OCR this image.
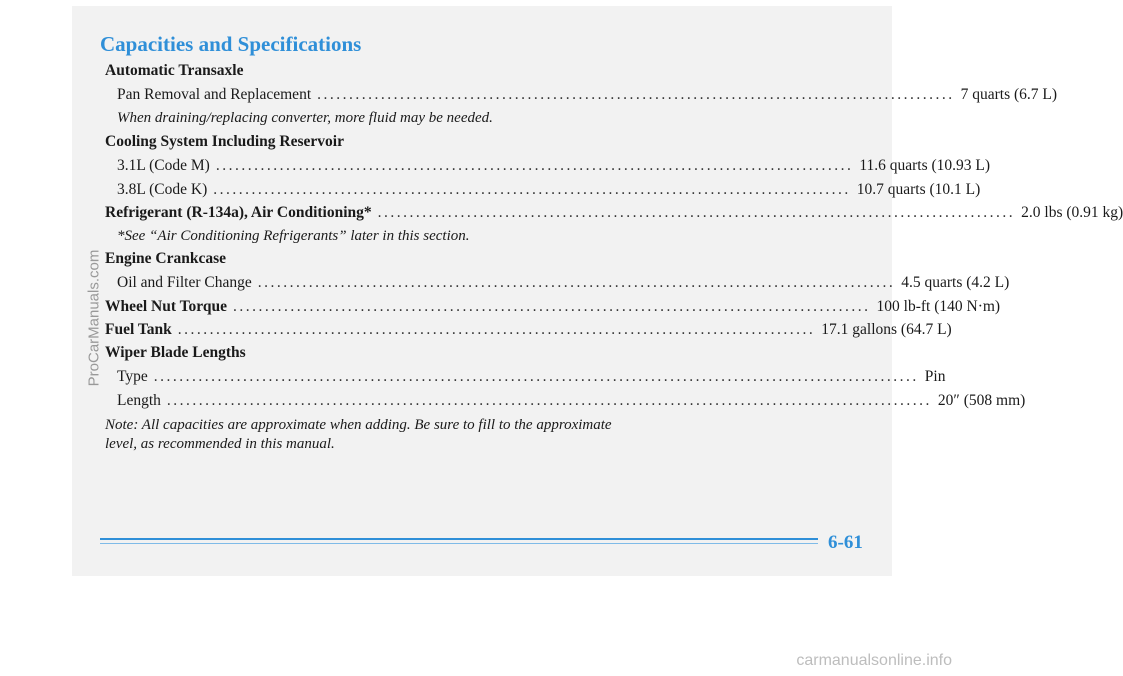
Capacities and Specifications
Automatic Transaxle
Pan Removal and Replacement .................................................................................................... 7 quarts (6.7 L)
When draining/replacing converter, more fluid may be needed.
Cooling System Including Reservoir
3.1L (Code M) .................................................................................................... 11.6 quarts (10.93 L)
3.8L (Code K) .................................................................................................... 10.7 quarts (10.1 L)
Refrigerant (R-134a), Air Conditioning* .................................................................................................... 2.0 lbs (0.91 kg)
*See “Air Conditioning Refrigerants” later in this section.
Engine Crankcase
Oil and Filter Change .................................................................................................... 4.5 quarts (4.2 L)
Wheel Nut Torque .................................................................................................... 100 lb-ft (140 N·m)
Fuel Tank .................................................................................................... 17.1 gallons (64.7 L)
Wiper Blade Lengths
Type ........................................................................................................................ Pin
Length ........................................................................................................................ 20″ (508 mm)
Note: All capacities are approximate when adding. Be sure to fill to the approximate level, as recommended in this manual.
6-61
ProCarManuals.com
carmanualsonline.info
